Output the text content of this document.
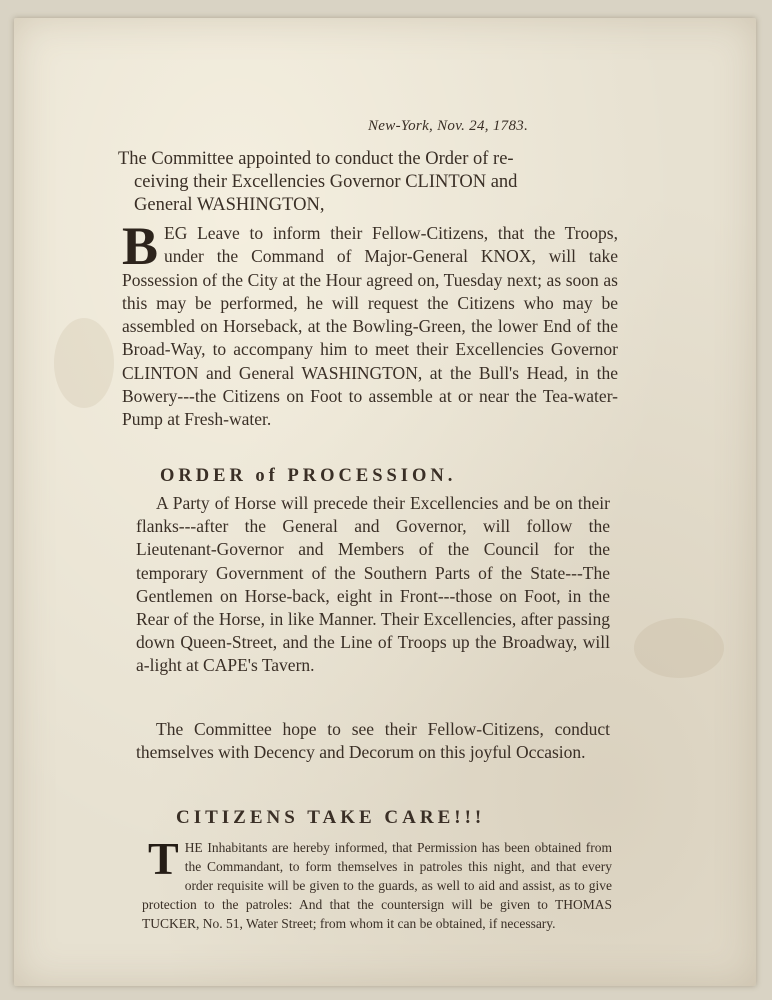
New-York, Nov. 24, 1783.
The Committee appointed to conduct the Order of re-
ceiving their Excellencies Governor CLINTON and
General WASHINGTON,
B EG Leave to inform their Fellow-Citizens, that the Troops, under the Command of Major-General KNOX, will take Possession of the City at the Hour agreed on, Tuesday next; as soon as this may be performed, he will request the Citizens who may be assembled on Horseback, at the Bowling-Green, the lower End of the Broad-Way, to accompany him to meet their Excellencies Governor CLINTON and General WASHINGTON, at the Bull's Head, in the Bowery---the Citizens on Foot to assemble at or near the Tea-water-Pump at Fresh-water.

ORDER of PROCESSION.

A Party of Horse will precede their Excellencies and be on their flanks---after the General and Governor, will follow the Lieutenant-Governor and Members of the Council for the temporary Government of the Southern Parts of the State---The Gentlemen on Horse-back, eight in Front---those on Foot, in the Rear of the Horse, in like Manner. Their Excellencies, after passing down Queen-Street, and the Line of Troops up the Broadway, will a-light at CAPE's Tavern.

The Committee hope to see their Fellow-Citizens, conduct themselves with Decency and Decorum on this joyful Occasion.

CITIZENS TAKE CARE!!!
T HE Inhabitants are hereby informed, that Permission has been obtained from the Commandant, to form themselves in patroles this night, and that every order requisite will be given to the guards, as well to aid and assist, as to give protection to the patroles: And that the countersign will be given to THOMAS TUCKER, No. 51, Water Street; from whom it can be obtained, if necessary.
